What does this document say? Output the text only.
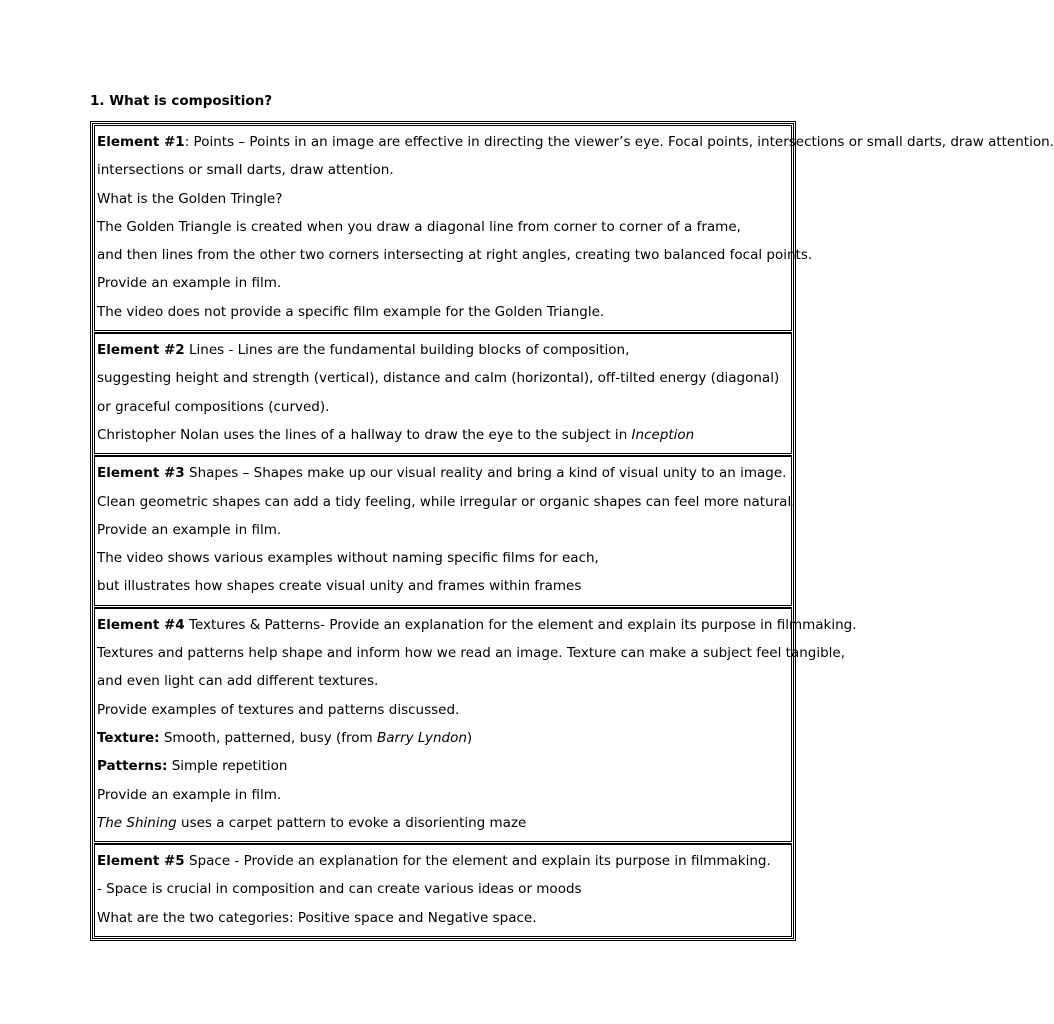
1. What is composition?
Element #1: Points – Points in an image are effective in directing the viewer’s eye. Focal points, intersections or small darts, draw attention.
intersections or small darts, draw attention.
What is the Golden Tringle?
The Golden Triangle is created when you draw a diagonal line from corner to corner of a frame,
and then lines from the other two corners intersecting at right angles, creating two balanced focal points.
Provide an example in film.
The video does not provide a specific film example for the Golden Triangle.
Element #2 Lines - Lines are the fundamental building blocks of composition,
suggesting height and strength (vertical), distance and calm (horizontal), off-tilted energy (diagonal)
or graceful compositions (curved).
Christopher Nolan uses the lines of a hallway to draw the eye to the subject in Inception
Element #3 Shapes – Shapes make up our visual reality and bring a kind of visual unity to an image.
Clean geometric shapes can add a tidy feeling, while irregular or organic shapes can feel more natural.
Provide an example in film.
The video shows various examples without naming specific films for each,
but illustrates how shapes create visual unity and frames within frames
Element #4 Textures & Patterns- Provide an explanation for the element and explain its purpose in filmmaking.
Textures and patterns help shape and inform how we read an image. Texture can make a subject feel tangible,
and even light can add different textures.
Provide examples of textures and patterns discussed.
Texture: Smooth, patterned, busy (from Barry Lyndon)
Patterns: Simple repetition
Provide an example in film.
The Shining uses a carpet pattern to evoke a disorienting maze
Element #5 Space - Provide an explanation for the element and explain its purpose in filmmaking.
- Space is crucial in composition and can create various ideas or moods
What are the two categories: Positive space and Negative space.
